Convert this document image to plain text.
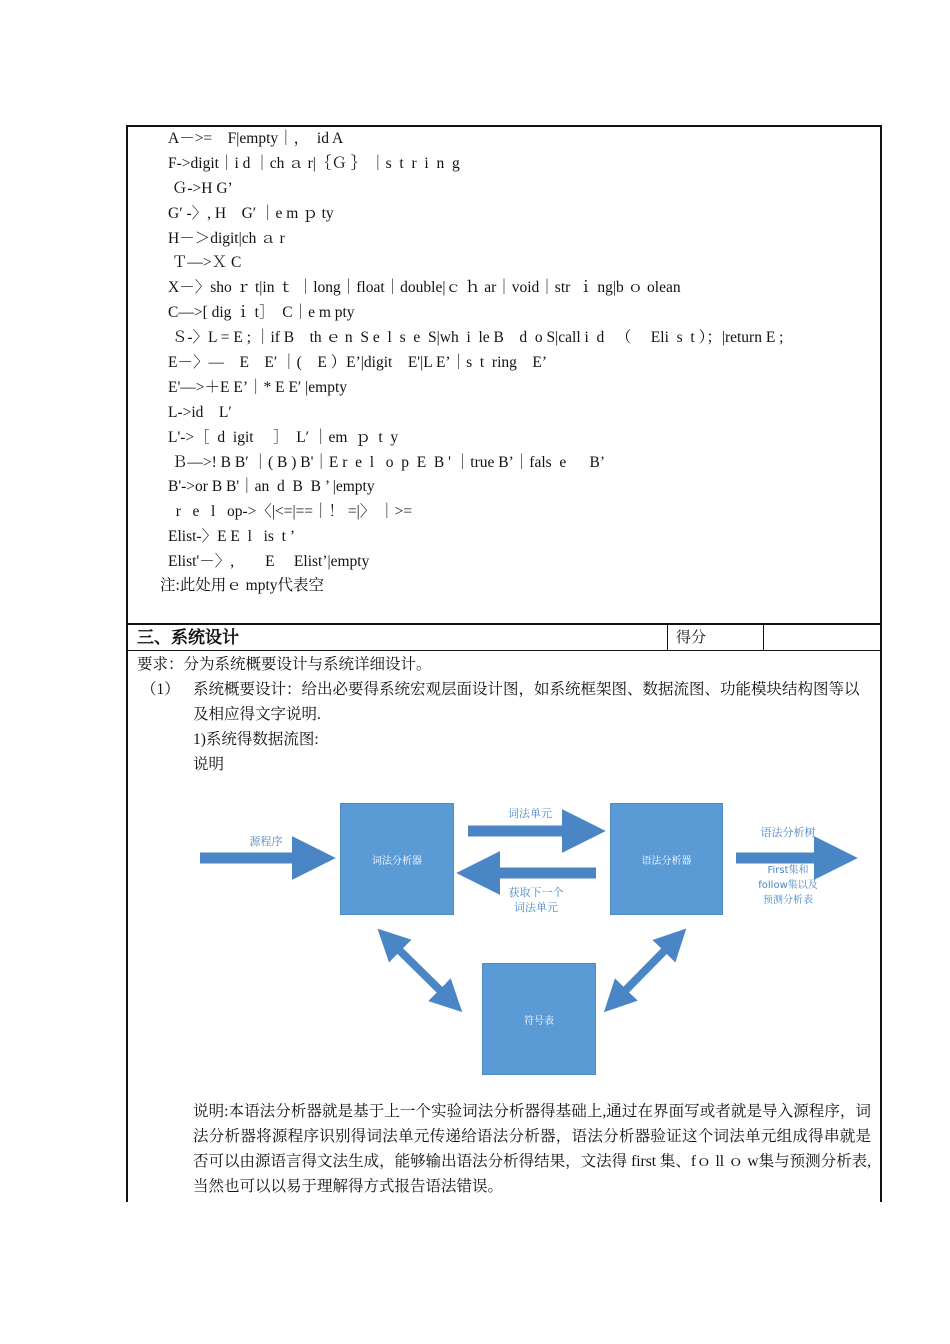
A－>=　F|empty｜，  id A
F->digit｜i d ｜ch ａ r|｛Ｇ ｝ ｜s  t  r  i  n  g
Ｇ->H G’
G′ -〉, H    G′ ｜e m ｐ ty
H－＞digit|ch ａ r
Ｔ—>Ｘ C
X－〉sho ｒ t|in ｔ ｜long｜float｜double|ｃ ｈ ar｜void｜str  ｉ ng|b ｏ olean
C—>[ dig ｉ t］  C｜e m pty
Ｓ-〉L = E ; ｜if B    th ｅ n  S e  l  s  e  S|wh  i  le B    d  o S|call i  d   （     Eli  s  t ）；|return E ;
E－〉—    E    E′ ｜(    E ）E’|digit    E'|L E’｜s  t  ring    E’
E'—>＋E E’｜* E E′ |empty
L->id    L′
L'->［  d  igit     ］  L′ ｜em  ｐ  t  y
Ｂ—>! B B′ ｜( B ) B'｜E r  e  l   o  p  E  B ' ｜true B’｜fals  e      B’
B'->or B B'｜an  d  B  B ’ |empty
r   e   l   op->〈|<=|==｜！ =|〉 ｜>=
Elist-〉E E  l   is  t ’
Elist'－〉,        E     Elist’|empty
注:此处用ｅ mpty代表空
三、系统设计	得分
要求：分为系统概要设计与系统详细设计。
（1） 系统概要设计：给出必要得系统宏观层面设计图，如系统框架图、数据流图、功能模块结构图等以及相应得文字说明.
1)系统得数据流图:
说明
词法分析器	语法分析器
符号表
源程序
词法单元
获取下一个
词法单元
语法分析树
First集和
follow集以及
预测分析表
说明:本语法分析器就是基于上一个实验词法分析器得基础上,通过在界面写或者就是导入源程序，词法分析器将源程序识别得词法单元传递给语法分析器，语法分析器验证这个词法单元组成得串就是否可以由源语言得文法生成，能够输出语法分析得结果，文法得 first 集、fｏ ll ｏ w集与预测分析表,当然也可以以易于理解得方式报告语法错误。
